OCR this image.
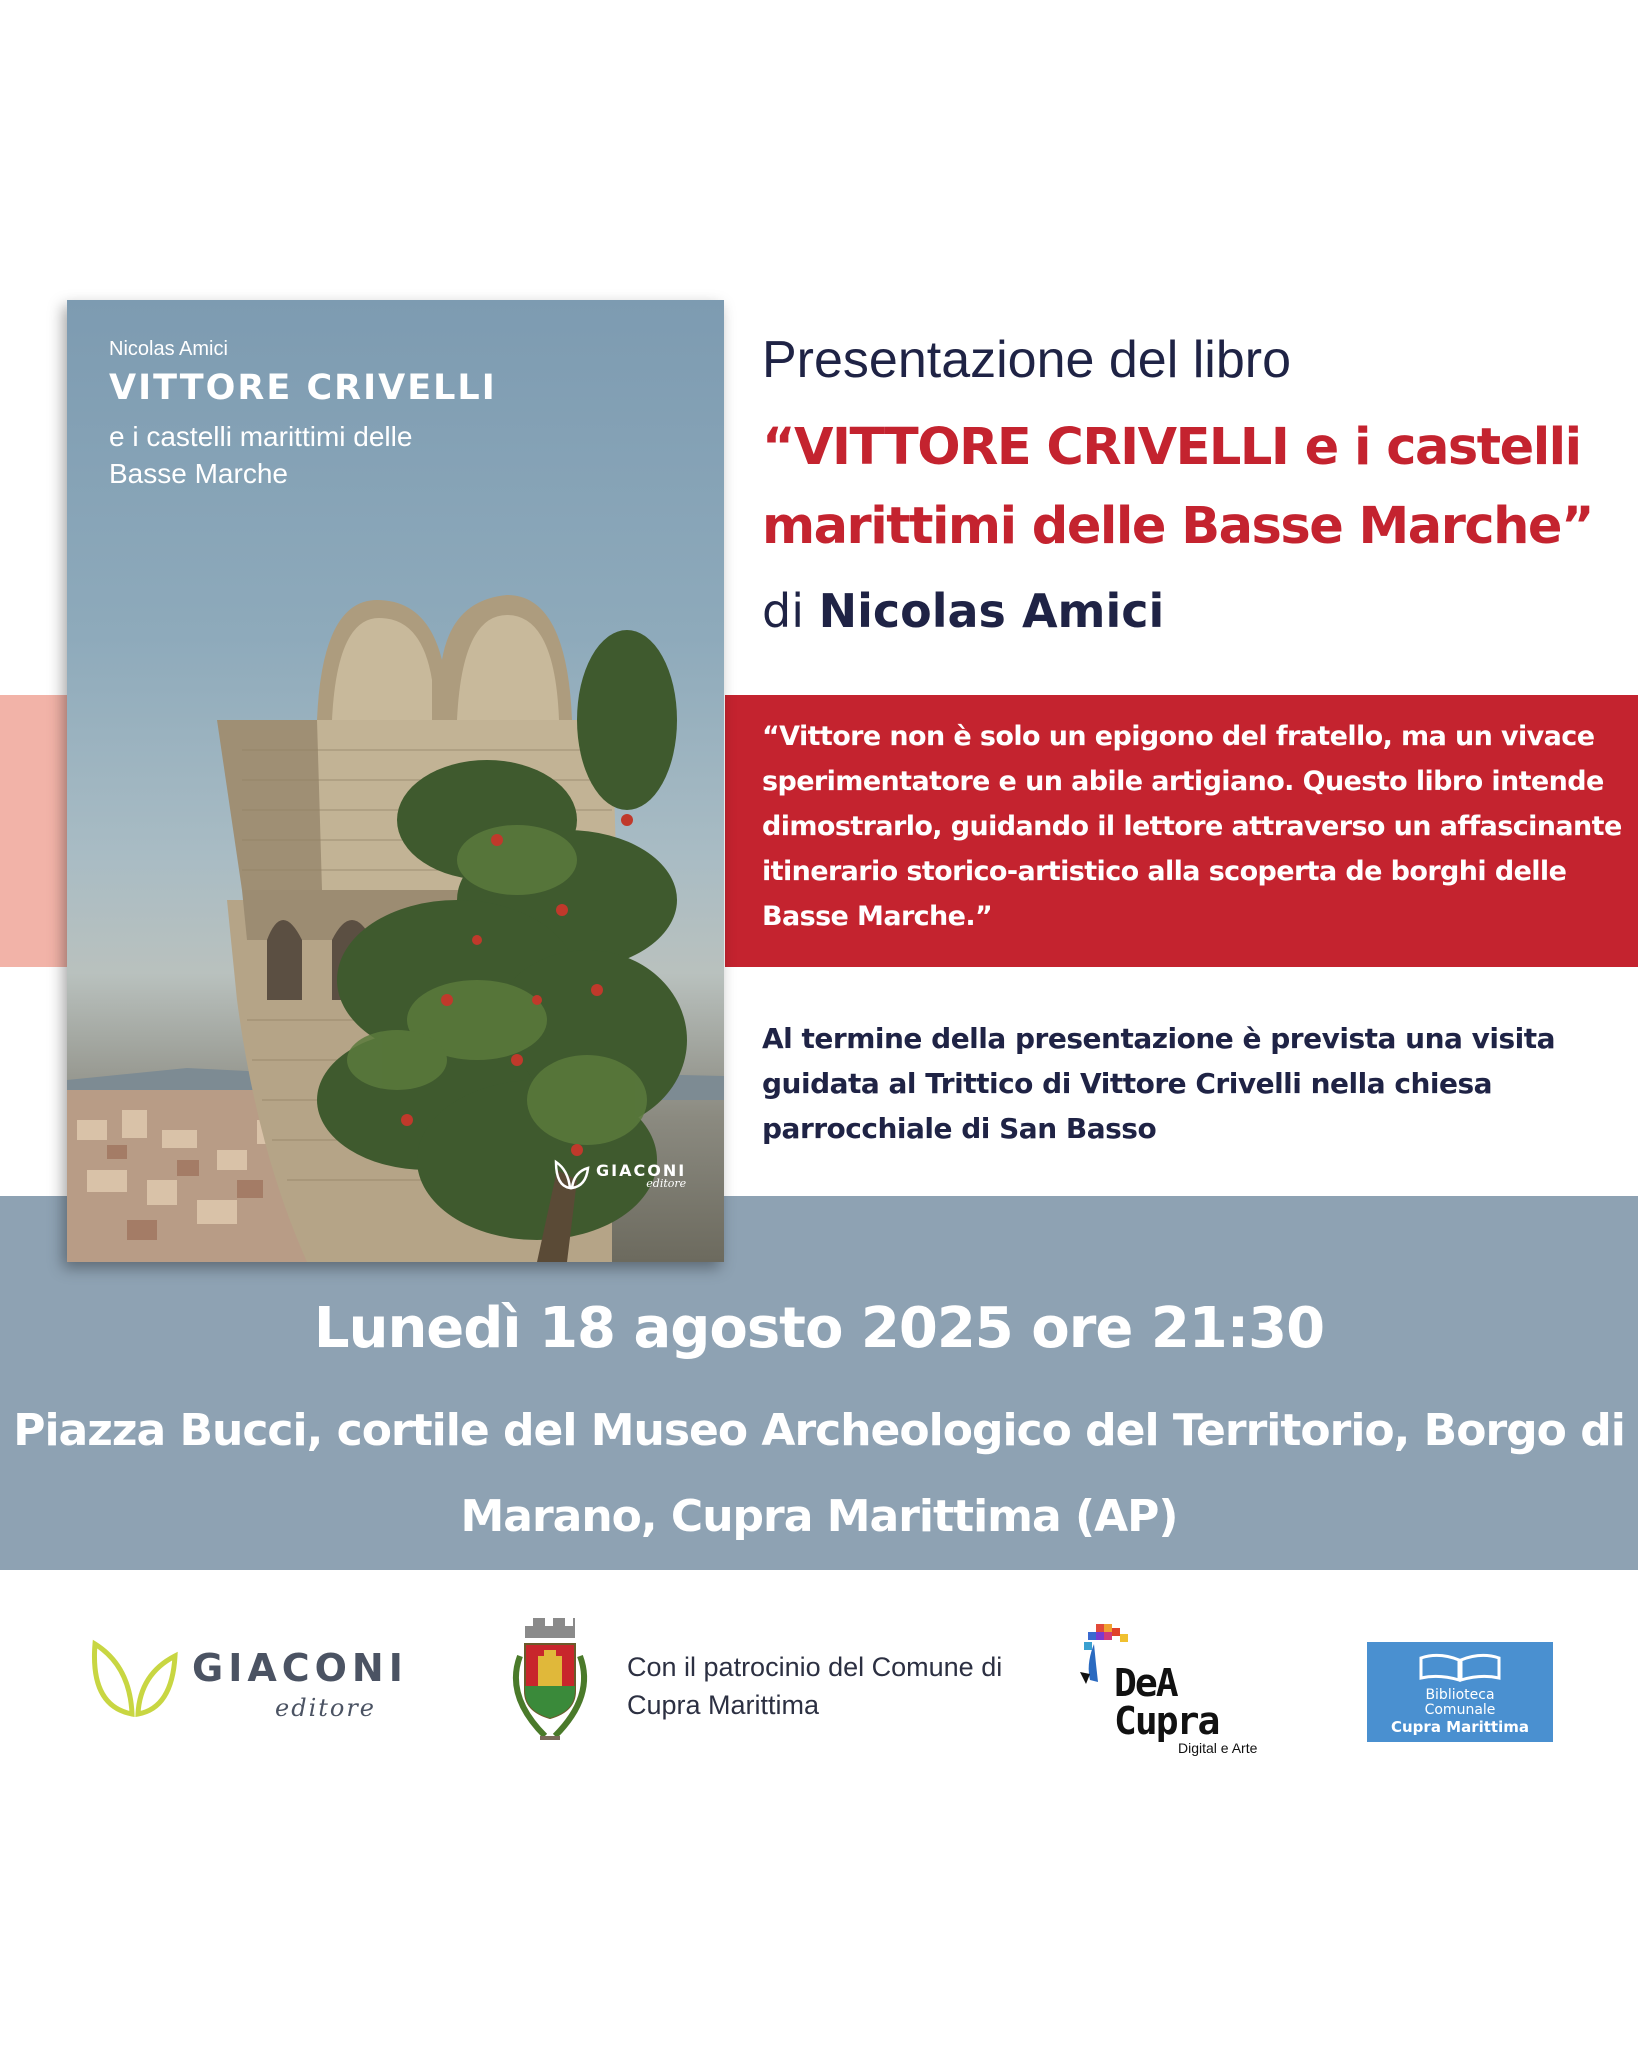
Nicolas Amici
VITTORE CRIVELLI
e i castelli marittimi delle Basse Marche
GIACONI
editore
Presentazione del libro
“VITTORE CRIVELLI e i castelli marittimi delle Basse Marche”
di Nicolas Amici
“Vittore non è solo un epigono del fratello, ma un vivace sperimentatore e un abile artigiano. Questo libro intende dimostrarlo, guidando il lettore attraverso un affascinante itinerario storico-artistico alla scoperta de borghi delle Basse Marche.”
Al termine della presentazione è prevista una visita guidata al Trittico di Vittore Crivelli nella chiesa parrocchiale di San Basso
Lunedì 18 agosto 2025 ore 21:30
Piazza Bucci, cortile del Museo Archeologico del Territorio, Borgo di Marano, Cupra Marittima (AP)
GIACONI
editore
Con il patrocinio del Comune di Cupra Marittima	DeA Cupra
Digital e Arte
Biblioteca
Comunale
Cupra Marittima
